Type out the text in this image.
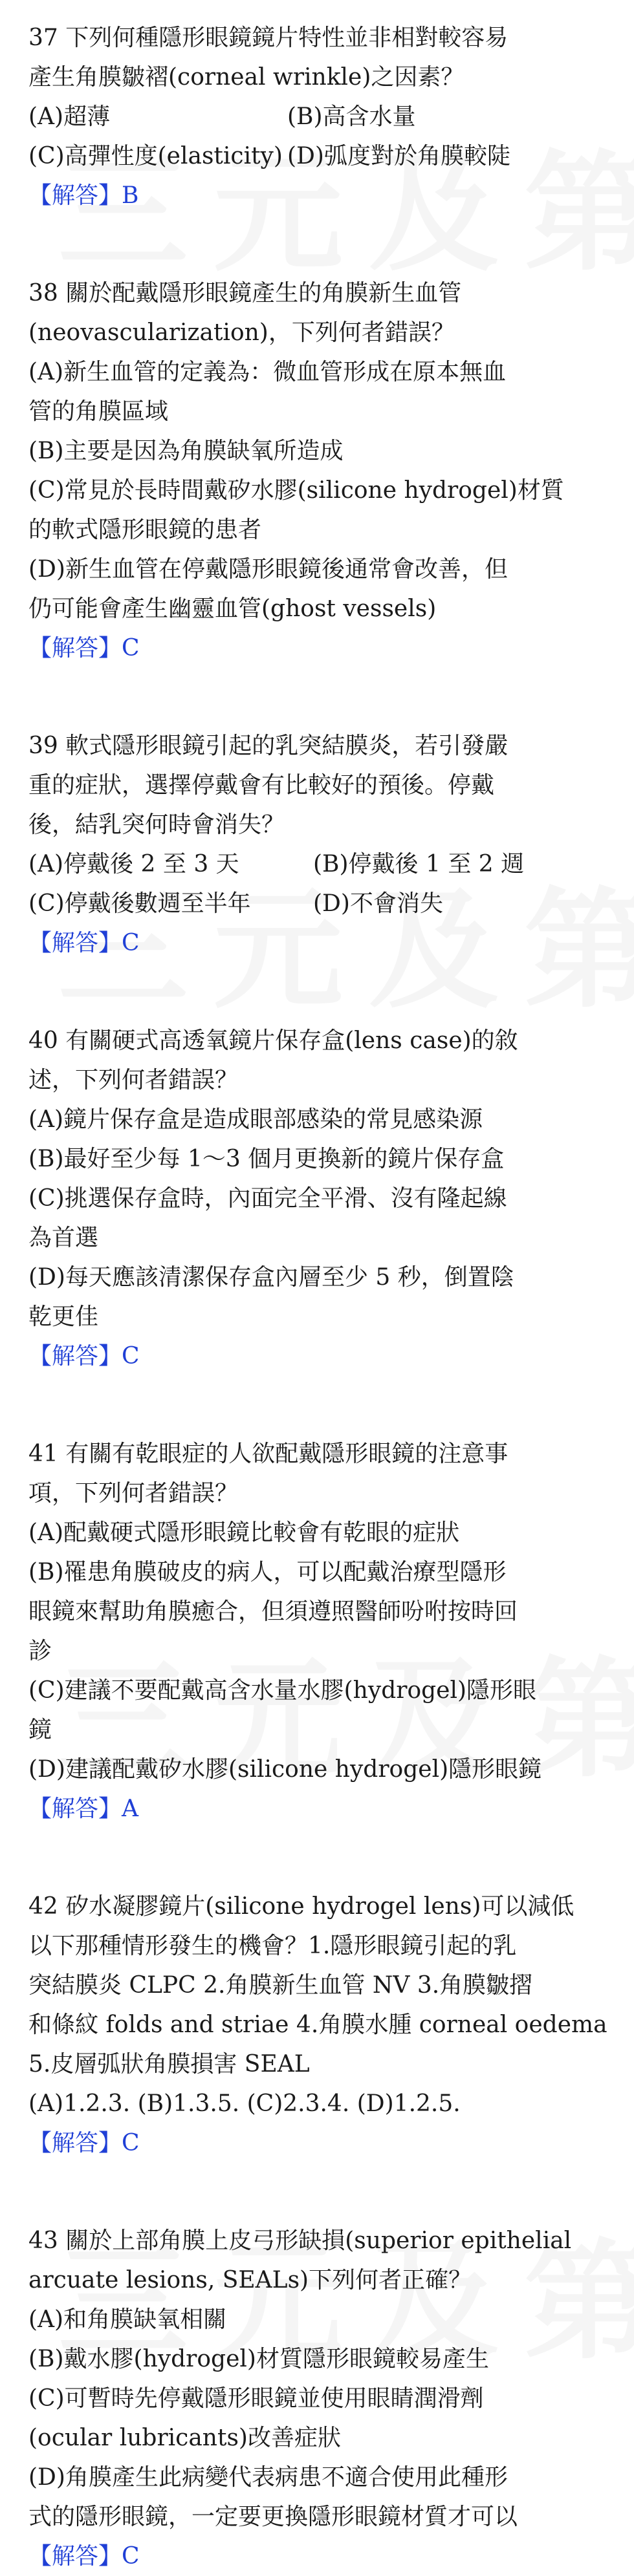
37 下列何種隱形眼鏡鏡片特性並非相對較容易
產生角膜皺褶(corneal wrinkle)之因素？
(A)超薄	(B)高含水量
(C)高彈性度(elasticity) (D)弧度對於角膜較陡
【解答】B
38 關於配戴隱形眼鏡產生的角膜新生血管
(neovascularization)，下列何者錯誤？
(A)新生血管的定義為：微血管形成在原本無血
管的角膜區域
(B)主要是因為角膜缺氧所造成
(C)常見於長時間戴矽水膠(silicone hydrogel)材質
的軟式隱形眼鏡的患者
(D)新生血管在停戴隱形眼鏡後通常會改善，但
仍可能會產生幽靈血管(ghost vessels)
【解答】C
39 軟式隱形眼鏡引起的乳突結膜炎，若引發嚴
重的症狀，選擇停戴會有比較好的預後。停戴
後，結乳突何時會消失？
(A)停戴後 2 至 3 天	(B)停戴後 1 至 2 週
(C)停戴後數週至半年	(D)不會消失
【解答】C
40 有關硬式高透氧鏡片保存盒(lens case)的敘
述，下列何者錯誤？
(A)鏡片保存盒是造成眼部感染的常見感染源
(B)最好至少每 1～3 個月更換新的鏡片保存盒
(C)挑選保存盒時，內面完全平滑、沒有隆起線
為首選
(D)每天應該清潔保存盒內層至少 5 秒，倒置陰
乾更佳
【解答】C
41 有關有乾眼症的人欲配戴隱形眼鏡的注意事
項，下列何者錯誤？
(A)配戴硬式隱形眼鏡比較會有乾眼的症狀
(B)罹患角膜破皮的病人，可以配戴治療型隱形
眼鏡來幫助角膜癒合，但須遵照醫師吩咐按時回
診
(C)建議不要配戴高含水量水膠(hydrogel)隱形眼
鏡
(D)建議配戴矽水膠(silicone hydrogel)隱形眼鏡
【解答】A
42 矽水凝膠鏡片(silicone hydrogel lens)可以減低
以下那種情形發生的機會？1.隱形眼鏡引起的乳
突結膜炎 CLPC 2.角膜新生血管 NV 3.角膜皺摺
和條紋 folds and striae 4.角膜水腫 corneal oedema
5.皮層弧狀角膜損害 SEAL
(A)1.2.3. (B)1.3.5. (C)2.3.4. (D)1.2.5.
【解答】C
43 關於上部角膜上皮弓形缺損(superior epithelial
arcuate lesions, SEALs)下列何者正確？
(A)和角膜缺氧相關
(B)戴水膠(hydrogel)材質隱形眼鏡較易產生
(C)可暫時先停戴隱形眼鏡並使用眼睛潤滑劑
(ocular lubricants)改善症狀
(D)角膜產生此病變代表病患不適合使用此種形
式的隱形眼鏡，一定要更換隱形眼鏡材質才可以
【解答】C
